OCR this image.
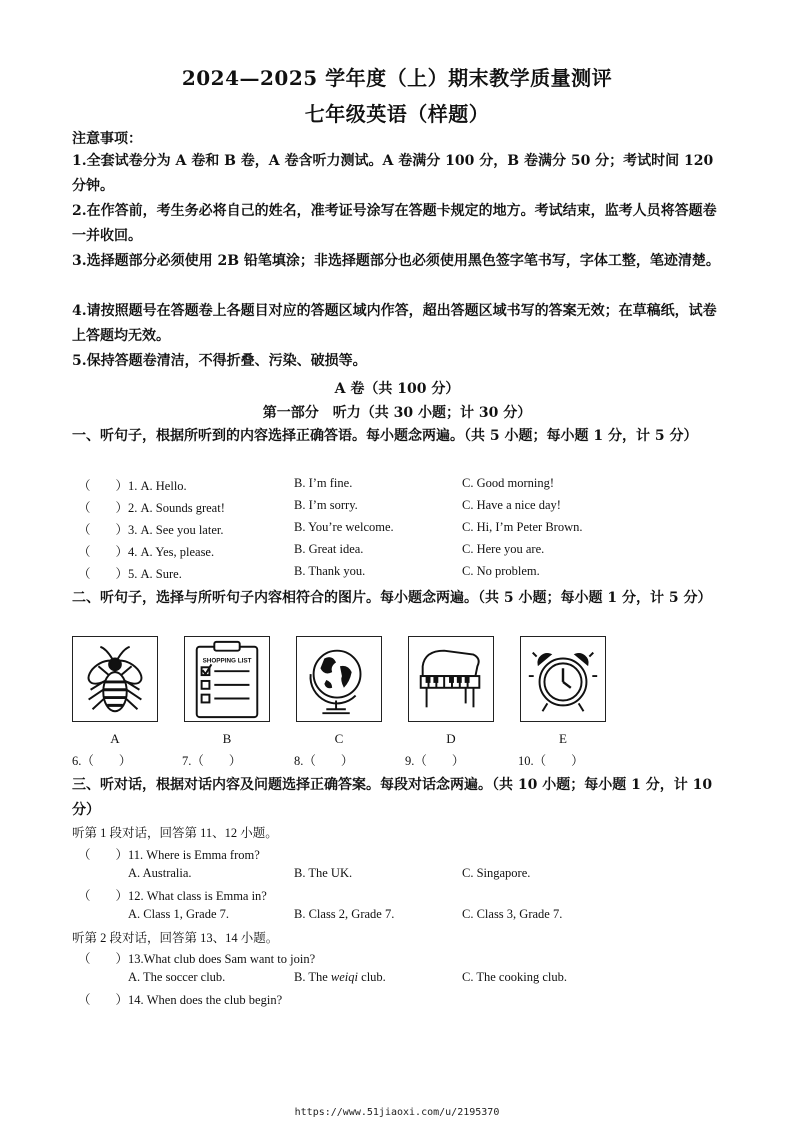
2024—2025 学年度（上）期末教学质量测评
七年级英语（样题）
注意事项：
1.全套试卷分为 A 卷和 B 卷，A 卷含听力测试。A 卷满分 100 分，B 卷满分 50 分；考试时间 120 分钟。
2.在作答前，考生务必将自己的姓名，准考证号涂写在答题卡规定的地方。考试结束，监考人员将答题卷一并收回。
3.选择题部分必须使用 2B 铅笔填涂；非选择题部分也必须使用黑色签字笔书写，字体工整，笔迹清楚。
4.请按照题号在答题卷上各题目对应的答题区域内作答，超出答题区域书写的答案无效；在草稿纸，试卷上答题均无效。
5.保持答题卷清洁，不得折叠、污染、破损等。
A 卷（共 100 分）
第一部分　听力（共 30 小题；计 30 分）
一、听句子，根据所听到的内容选择正确答语。每小题念两遍。（共 5 小题；每小题 1 分，计 5 分）
（　　）1. A. Hello.	B. I’m fine.	C. Good morning!
（　　）2. A. Sounds great!	B. I’m sorry.	C. Have a nice day!
（　　）3. A. See you later.	B. You’re welcome.	C. Hi, I’m Peter Brown.
（　　）4. A. Yes, please.	B. Great idea.	C. Here you are.
（　　）5. A. Sure.	B. Thank you.	C. No problem.
二、听句子，选择与所听句子内容相符合的图片。每小题念两遍。（共 5 小题；每小题 1 分，计 5 分）
A
SHOPPING LIST
B	C	D	E
6.（　　）	7.（　　）	8.（　　）	9.（　　）	10.（　　）
三、听对话，根据对话内容及问题选择正确答案。每段对话念两遍。（共 10 小题；每小题 1 分，计 10 分）
听第 1 段对话，回答第 11、12 小题。
（　　）11. Where is Emma from?
A. Australia.	B. The UK.	C. Singapore.
（　　）12. What class is Emma in?
A. Class 1, Grade 7.	B. Class 2, Grade 7.	C. Class 3, Grade 7.
听第 2 段对话，回答第 13、14 小题。
（　　）13.What club does Sam want to join?
A. The soccer club.	B. The weiqi club.	C. The cooking club.
（　　）14. When does the club begin?
https://www.51jiaoxi.com/u/2195370
